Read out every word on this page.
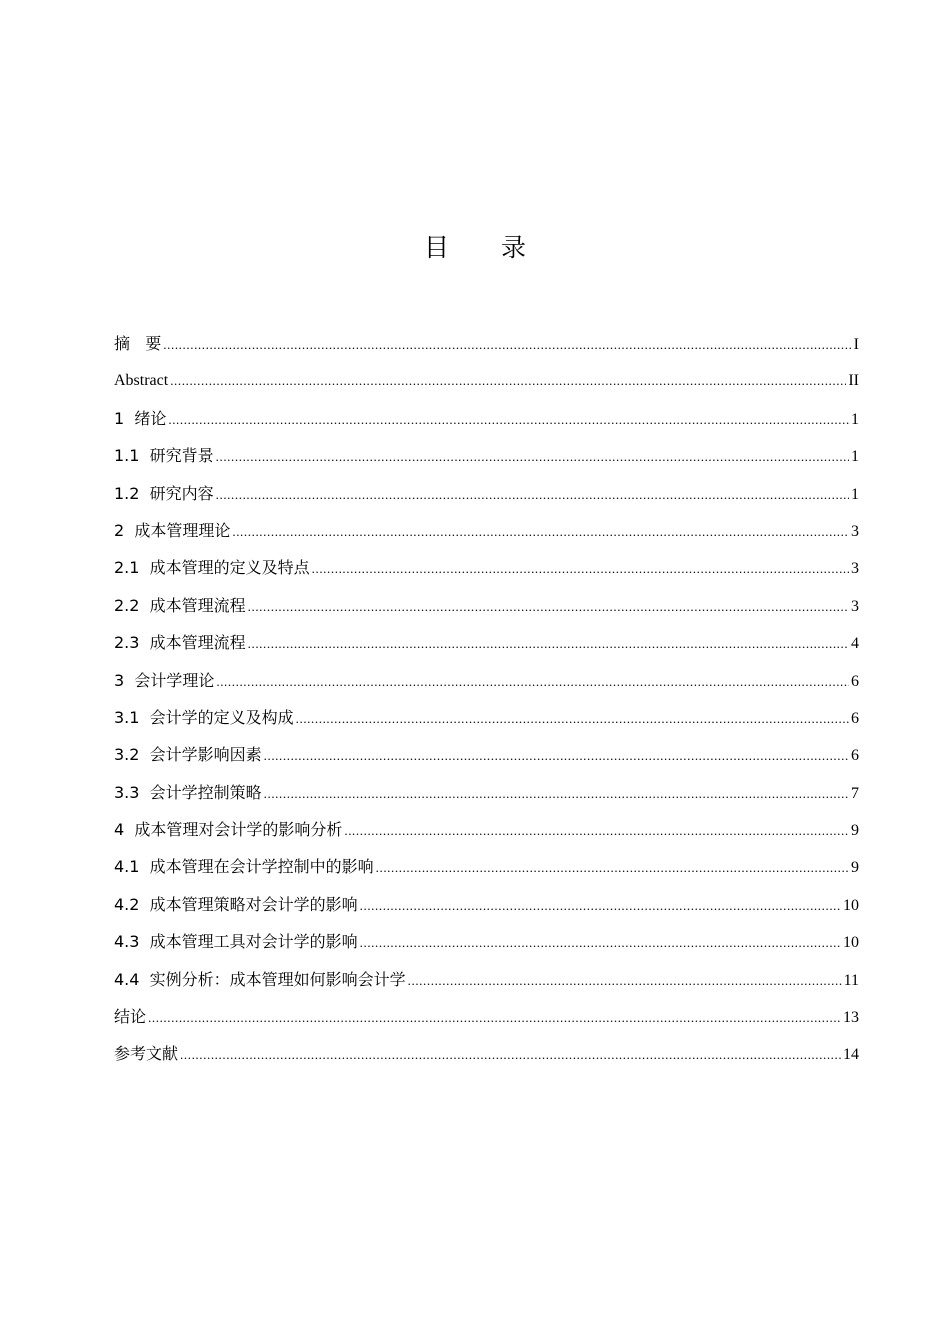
目 录
摘   要 .....	I
Abstract .....	II
1  绪论 .....	1
1.1  研究背景 .....	1
1.2  研究内容 .....	1
2  成本管理理论 .....	3
2.1  成本管理的定义及特点 .....	3
2.2  成本管理流程 .....	3
2.3  成本管理流程 .....	4
3  会计学理论 .....	6
3.1  会计学的定义及构成 .....	6
3.2  会计学影响因素 .....	6
3.3  会计学控制策略 .....	7
4  成本管理对会计学的影响分析 .....	9
4.1  成本管理在会计学控制中的影响 .....	9
4.2  成本管理策略对会计学的影响 .....	10
4.3  成本管理工具对会计学的影响 .....	10
4.4  实例分析：成本管理如何影响会计学 .....	11
结论 .....	13
参考文献 .....	14
